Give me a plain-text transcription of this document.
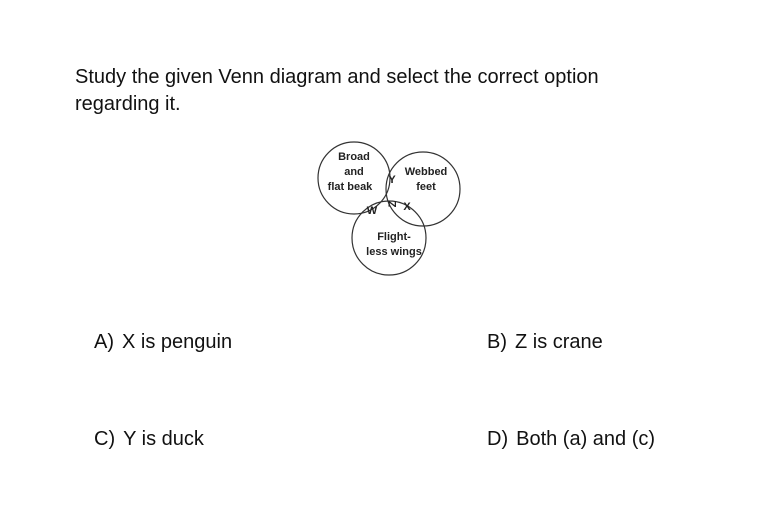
Study the given Venn diagram and select the correct option
regarding it.
Broad
and
flat beak
Webbed
feet
Y
Z
W X
Flight-
less wings
A) X is penguin	B) Z is crane
C) Y is duck	D) Both (a) and (c)
